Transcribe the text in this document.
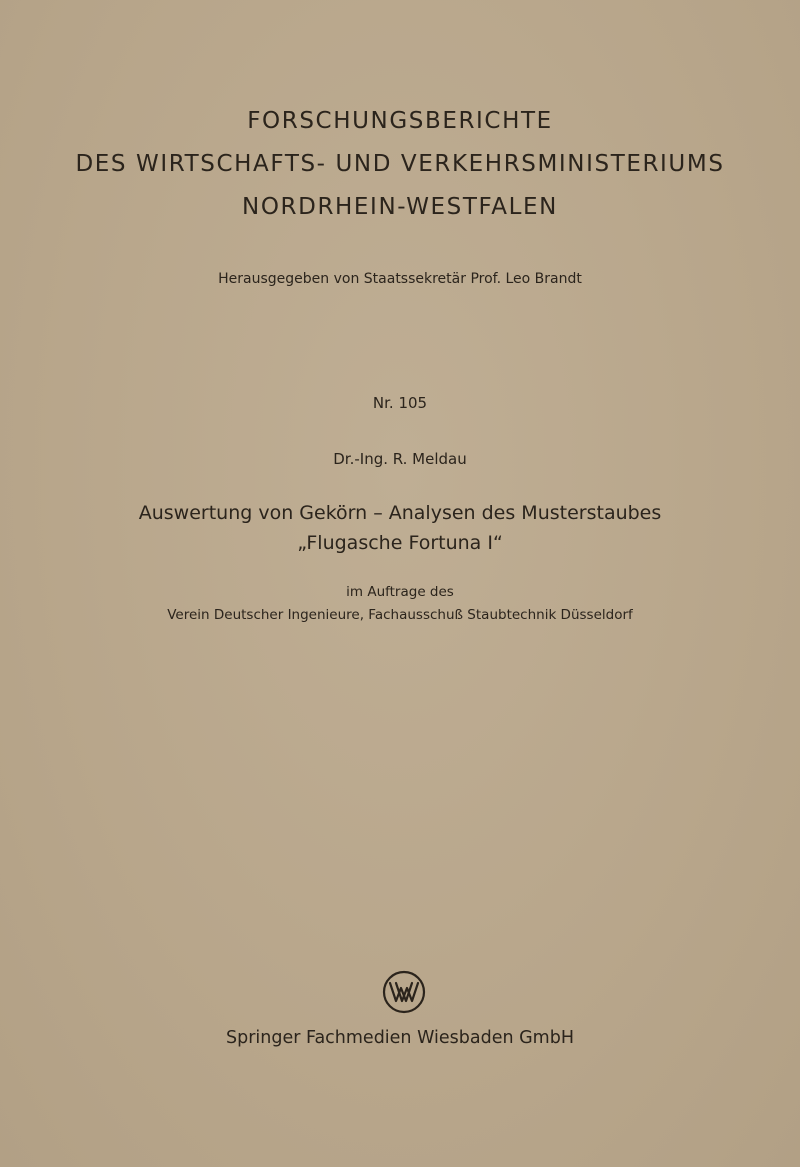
FORSCHUNGSBERICHTE
DES WIRTSCHAFTS- UND VERKEHRSMINISTERIUMS
NORDRHEIN-WESTFALEN
Herausgegeben von Staatssekretär Prof. Leo Brandt
Nr. 105
Dr.-Ing. R. Meldau
Auswertung von Gekörn – Analysen des Musterstaubes
„Flugasche Fortuna I“
im Auftrage des
Verein Deutscher Ingenieure, Fachausschuß Staubtechnik Düsseldorf
Springer Fachmedien Wiesbaden GmbH
